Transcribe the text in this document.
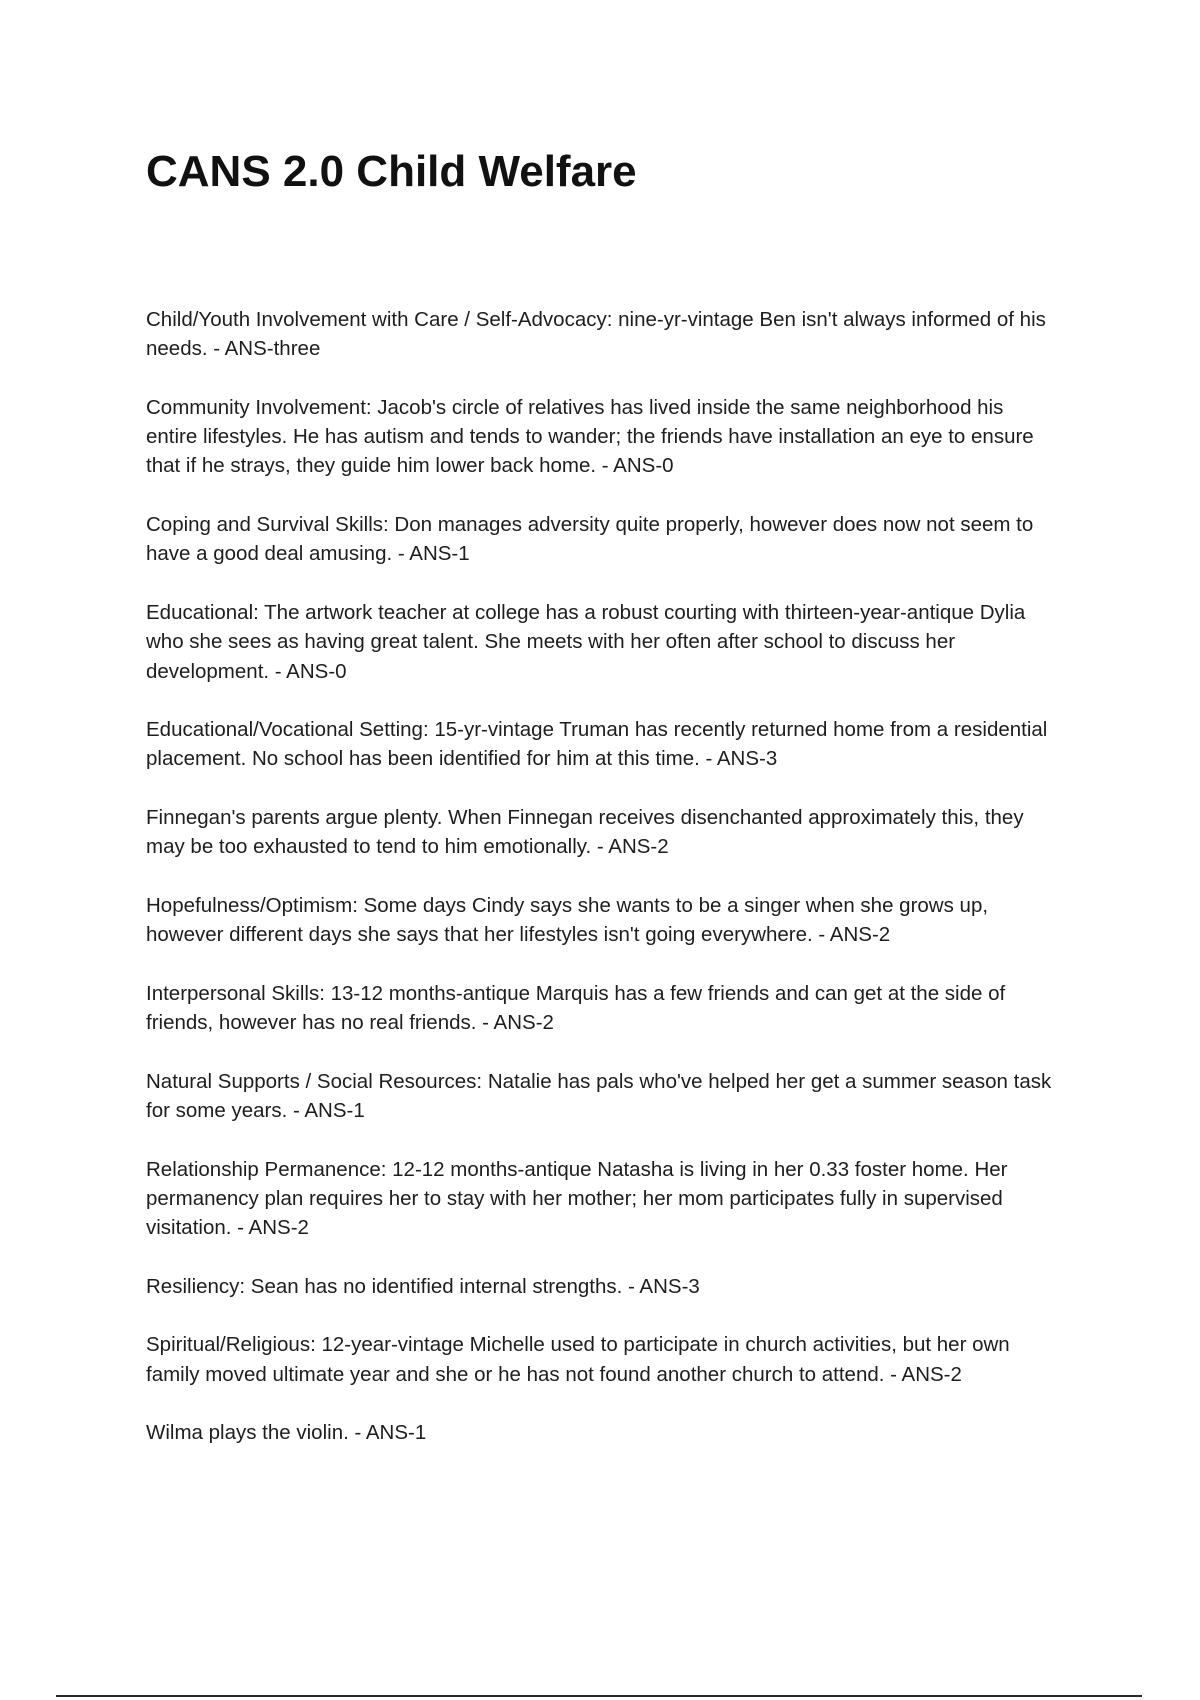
CANS 2.0 Child Welfare

Child/Youth Involvement with Care / Self-Advocacy: nine-yr-vintage Ben isn't always informed of his needs. - ANS-three

Community Involvement: Jacob's circle of relatives has lived inside the same neighborhood his entire lifestyles. He has autism and tends to wander; the friends have installation an eye to ensure that if he strays, they guide him lower back home. - ANS-0

Coping and Survival Skills: Don manages adversity quite properly, however does now not seem to have a good deal amusing. - ANS-1

Educational: The artwork teacher at college has a robust courting with thirteen-year-antique Dylia who she sees as having great talent. She meets with her often after school to discuss her development. - ANS-0

Educational/Vocational Setting: 15-yr-vintage Truman has recently returned home from a residential placement. No school has been identified for him at this time. - ANS-3

Finnegan's parents argue plenty. When Finnegan receives disenchanted approximately this, they may be too exhausted to tend to him emotionally. - ANS-2

Hopefulness/Optimism: Some days Cindy says she wants to be a singer when she grows up, however different days she says that her lifestyles isn't going everywhere. - ANS-2

Interpersonal Skills: 13-12 months-antique Marquis has a few friends and can get at the side of friends, however has no real friends. - ANS-2

Natural Supports / Social Resources: Natalie has pals who've helped her get a summer season task for some years. - ANS-1

Relationship Permanence: 12-12 months-antique Natasha is living in her 0.33 foster home. Her permanency plan requires her to stay with her mother; her mom participates fully in supervised visitation. - ANS-2

Resiliency: Sean has no identified internal strengths. - ANS-3

Spiritual/Religious: 12-year-vintage Michelle used to participate in church activities, but her own family moved ultimate year and she or he has not found another church to attend. - ANS-2

Wilma plays the violin. - ANS-1
